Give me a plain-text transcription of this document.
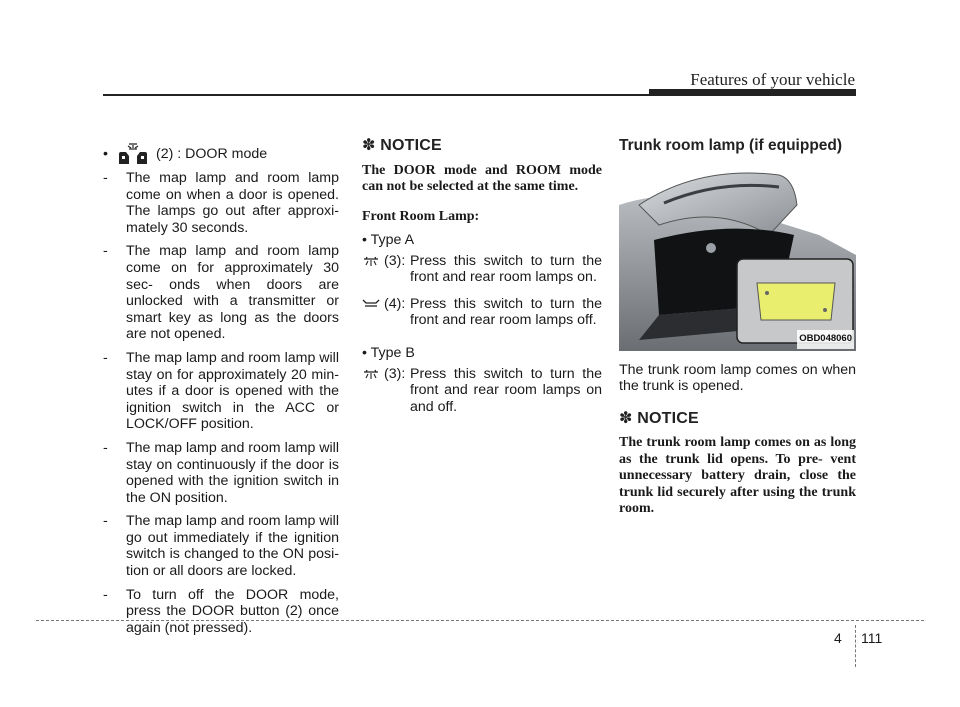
Features of your vehicle
•	(2) : DOOR mode
- The map lamp and room lamp come on when a door is opened. The lamps go out after approxi- mately 30 seconds.
- The map lamp and room lamp come on for approximately 30 sec- onds when doors are unlocked with a transmitter or smart key as long as the doors are not opened.
- The map lamp and room lamp will stay on for approximately 20 min- utes if a door is opened with the ignition switch in the ACC or LOCK/OFF position.
- The map lamp and room lamp will stay on continuously if the door is opened with the ignition switch in the ON position.
- The map lamp and room lamp will go out immediately if the ignition switch is changed to the ON posi- tion or all doors are locked.
- To turn off the DOOR mode, press the DOOR button (2) once again (not pressed).
✽ NOTICE
The DOOR mode and ROOM mode can not be selected at the same time.
Front Room Lamp:
• Type A
(3): Press this switch to turn the front and rear room lamps on.
(4): Press this switch to turn the front and rear room lamps off.
• Type B
(3): Press this switch to turn the front and rear room lamps on and off.
Trunk room lamp (if equipped)
OBD048060
The trunk room lamp comes on when the trunk is opened.
✽ NOTICE
The trunk room lamp comes on as long as the trunk lid opens. To pre- vent unnecessary battery drain, close the trunk lid securely after using the trunk room.
4 111
